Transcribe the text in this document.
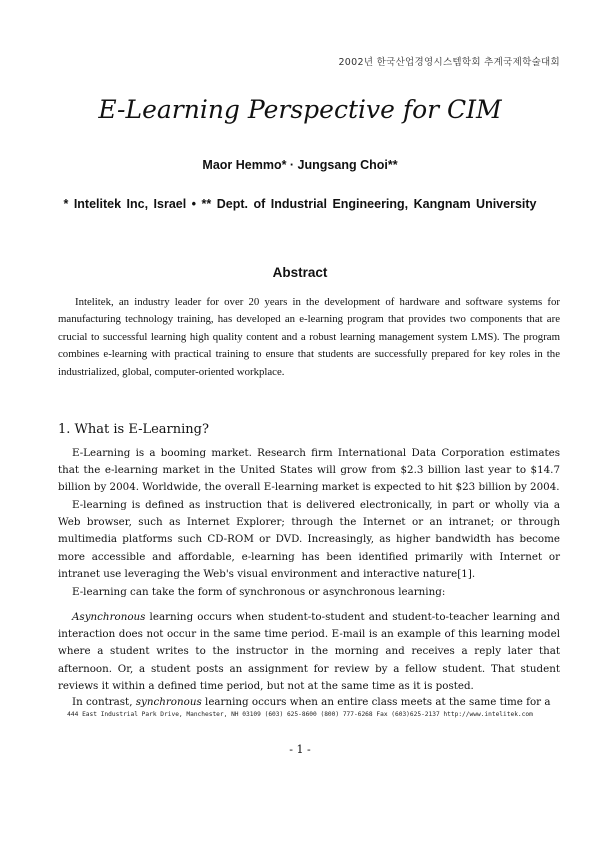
2002년 한국산업경영시스템학회 추계국제학술대회
E-Learning Perspective for CIM
Maor Hemmo* · Jungsang Choi**
* Intelitek Inc, Israel • ** Dept. of Industrial Engineering, Kangnam University
Abstract
Intelitek, an industry leader for over 20 years in the development of hardware and software systems for manufacturing technology training, has developed an e-learning program that provides two components that are crucial to successful learning high quality content and a robust learning management system LMS). The program combines e-learning with practical training to ensure that students are successfully prepared for key roles in the industrialized, global, computer-oriented workplace.
1. What is E-Learning?
E-Learning is a booming market. Research firm International Data Corporation estimates that the e-learning market in the United States will grow from $2.3 billion last year to $14.7 billion by 2004. Worldwide, the overall E-learning market is expected to hit $23 billion by 2004.
E-learning is defined as instruction that is delivered electronically, in part or wholly via a Web browser, such as Internet Explorer; through the Internet or an intranet; or through multimedia platforms such CD-ROM or DVD. Increasingly, as higher bandwidth has become more accessible and affordable, e-learning has been identified primarily with Internet or intranet use leveraging the Web's visual environment and interactive nature[1].
E-learning can take the form of synchronous or asynchronous learning:
Asynchronous learning occurs when student-to-student and student-to-teacher learning and interaction does not occur in the same time period. E-mail is an example of this learning model where a student writes to the instructor in the morning and receives a reply later that afternoon. Or, a student posts an assignment for review by a fellow student. That student reviews it within a defined time period, but not at the same time as it is posted.
In contrast, synchronous learning occurs when an entire class meets at the same time for a
444 East Industrial Park Drive, Manchester, NH 03109 (603) 625-8600 (800) 777-6268 Fax (603)625-2137 http://www.intelitek.com
- 1 -
